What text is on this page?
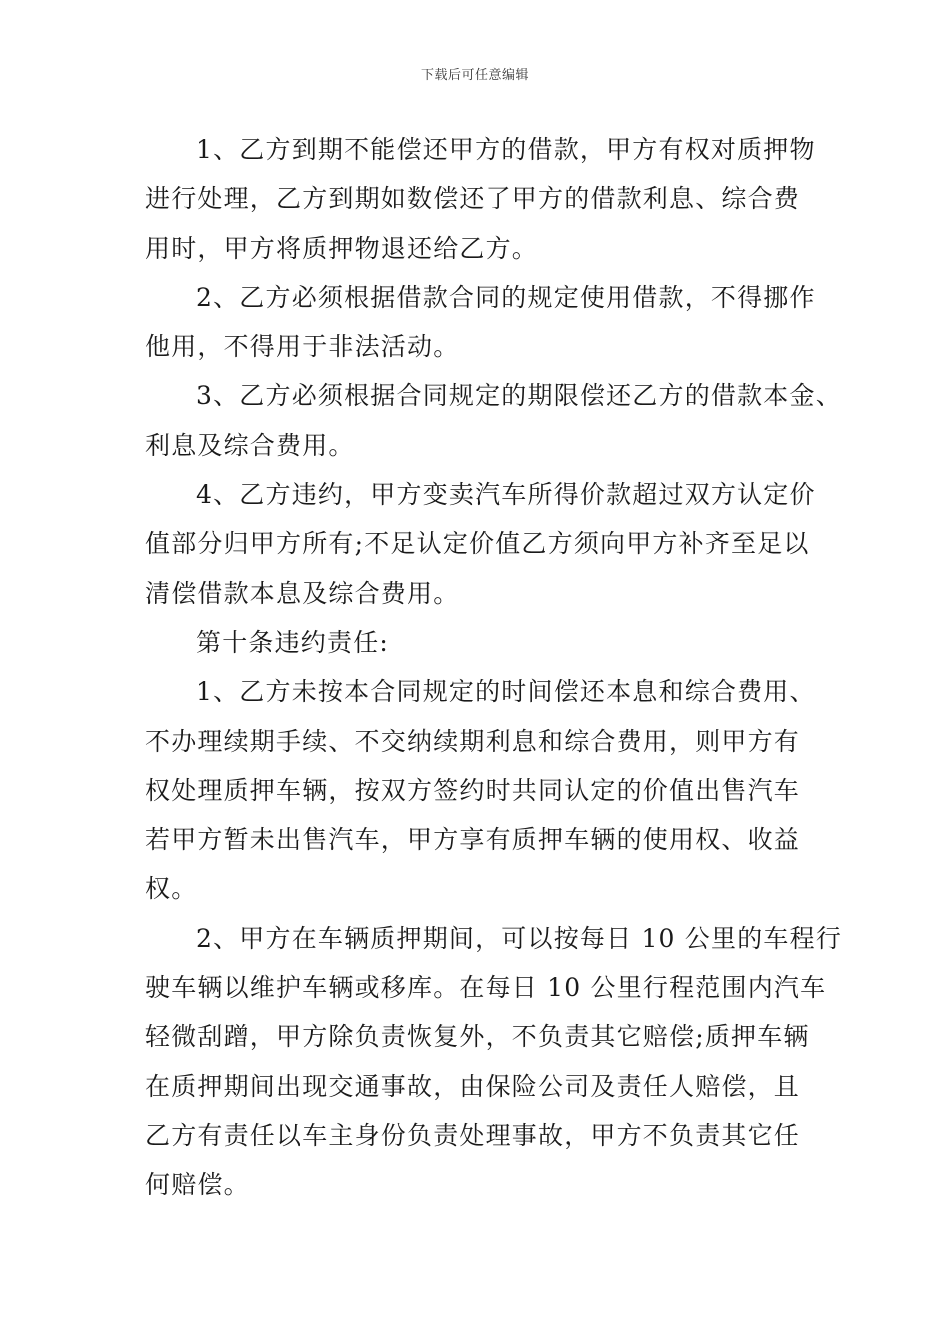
下载后可任意编辑
1、乙方到期不能偿还甲方的借款，甲方有权对质押物
进行处理，乙方到期如数偿还了甲方的借款利息、综合费
用时，甲方将质押物退还给乙方。
2、乙方必须根据借款合同的规定使用借款，不得挪作
他用，不得用于非法活动。
3、乙方必须根据合同规定的期限偿还乙方的借款本金、
利息及综合费用。
4、乙方违约，甲方变卖汽车所得价款超过双方认定价
值部分归甲方所有;不足认定价值乙方须向甲方补齐至足以
清偿借款本息及综合费用。
第十条违约责任:
1、乙方未按本合同规定的时间偿还本息和综合费用、
不办理续期手续、不交纳续期利息和综合费用，则甲方有
权处理质押车辆，按双方签约时共同认定的价值出售汽车
若甲方暂未出售汽车，甲方享有质押车辆的使用权、收益
权。
2、甲方在车辆质押期间，可以按每日 10 公里的车程行
驶车辆以维护车辆或移库。在每日 10 公里行程范围内汽车
轻微刮蹭，甲方除负责恢复外，不负责其它赔偿;质押车辆
在质押期间出现交通事故，由保险公司及责任人赔偿，且
乙方有责任以车主身份负责处理事故，甲方不负责其它任
何赔偿。
